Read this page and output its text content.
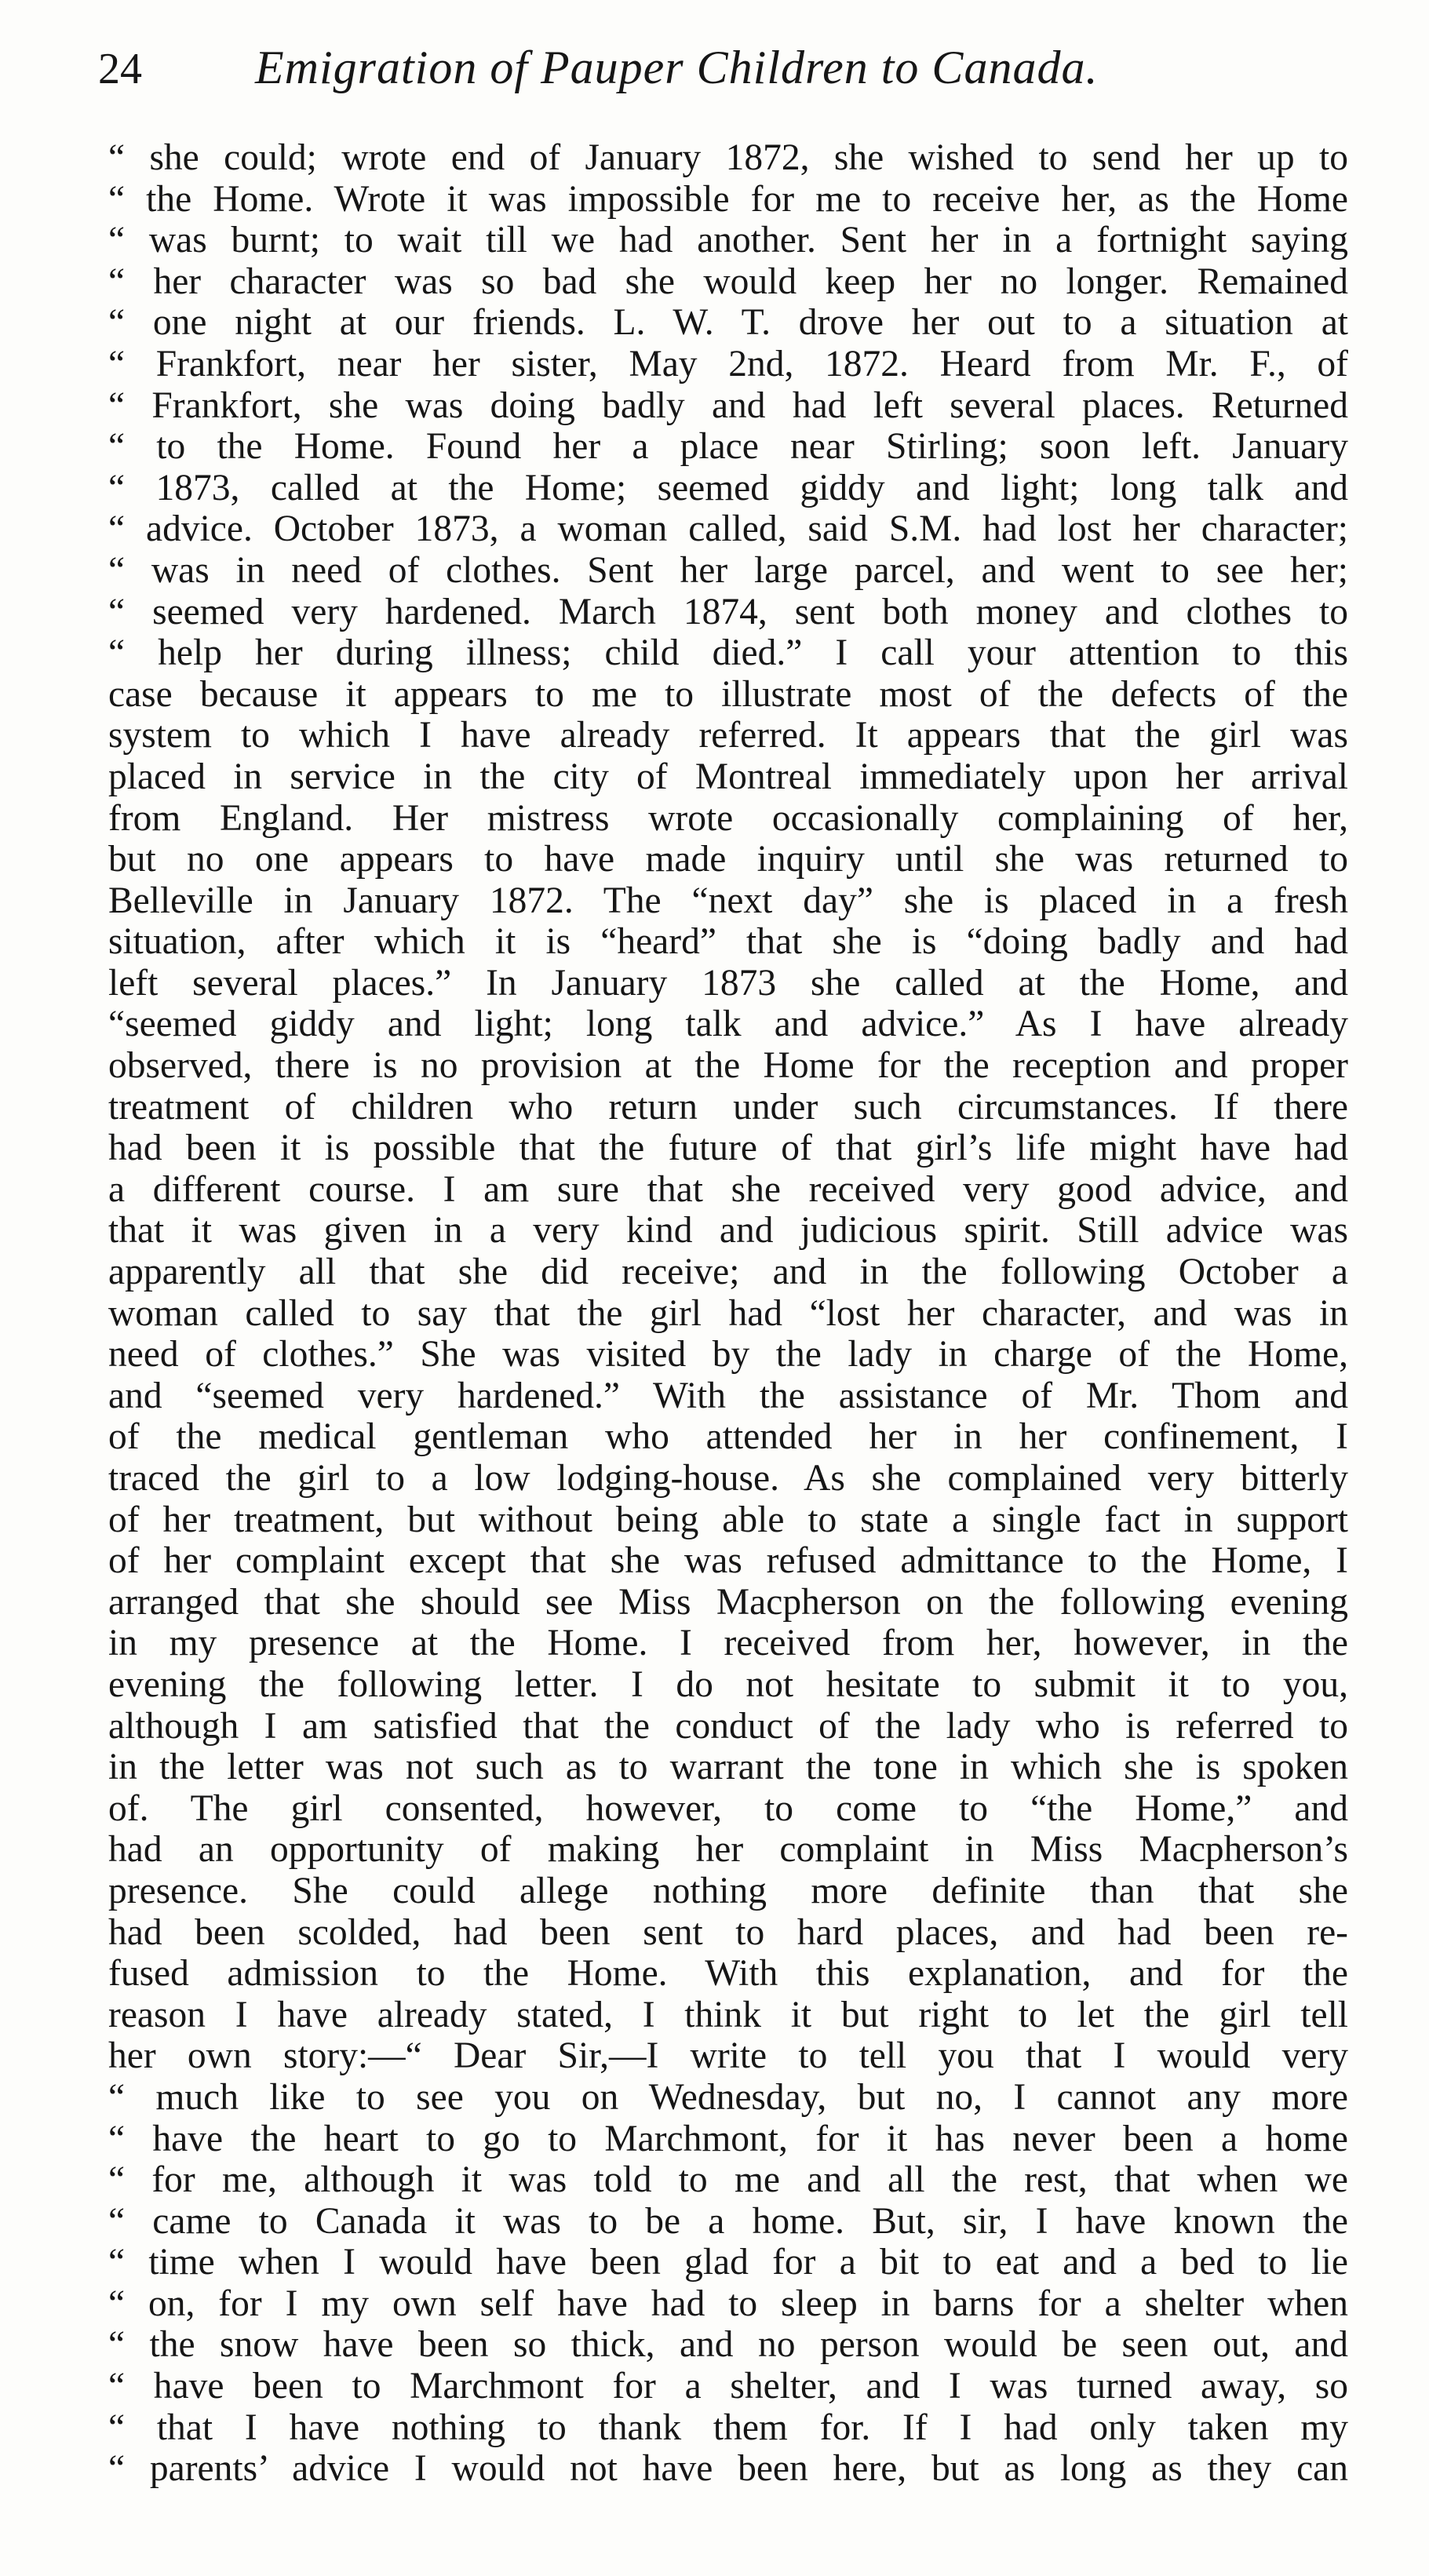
24	Emigration of Pauper Children to Canada.
“ she could; wrote end of January 1872, she wished to send her up to
“ the Home. Wrote it was impossible for me to receive her, as the Home
“ was burnt; to wait till we had another. Sent her in a fortnight saying
“ her character was so bad she would keep her no longer. Remained
“ one night at our friends. L. W. T. drove her out to a situation at
“ Frankfort, near her sister, May 2nd, 1872. Heard from Mr. F., of
“ Frankfort, she was doing badly and had left several places. Returned
“ to the Home. Found her a place near Stirling; soon left. January
“ 1873, called at the Home; seemed giddy and light; long talk and
“ advice. October 1873, a woman called, said S.M. had lost her character;
“ was in need of clothes. Sent her large parcel, and went to see her;
“ seemed very hardened. March 1874, sent both money and clothes to
“ help her during illness; child died.” I call your attention to this
case because it appears to me to illustrate most of the defects of the
system to which I have already referred. It appears that the girl was
placed in service in the city of Montreal immediately upon her arrival
from England. Her mistress wrote occasionally complaining of her,
but no one appears to have made inquiry until she was returned to
Belleville in January 1872. The “next day” she is placed in a fresh
situation, after which it is “heard” that she is “doing badly and had
left several places.” In January 1873 she called at the Home, and
“seemed giddy and light; long talk and advice.” As I have already
observed, there is no provision at the Home for the reception and proper
treatment of children who return under such circumstances. If there
had been it is possible that the future of that girl’s life might have had
a different course. I am sure that she received very good advice, and
that it was given in a very kind and judicious spirit. Still advice was
apparently all that she did receive; and in the following October a
woman called to say that the girl had “lost her character, and was in
need of clothes.” She was visited by the lady in charge of the Home,
and “seemed very hardened.” With the assistance of Mr. Thom and
of the medical gentleman who attended her in her confinement, I
traced the girl to a low lodging-house. As she complained very bitterly
of her treatment, but without being able to state a single fact in support
of her complaint except that she was refused admittance to the Home, I
arranged that she should see Miss Macpherson on the following evening
in my presence at the Home. I received from her, however, in the
evening the following letter. I do not hesitate to submit it to you,
although I am satisfied that the conduct of the lady who is referred to
in the letter was not such as to warrant the tone in which she is spoken
of. The girl consented, however, to come to “the Home,” and
had an opportunity of making her complaint in Miss Macpherson’s
presence. She could allege nothing more definite than that she
had been scolded, had been sent to hard places, and had been re-
fused admission to the Home. With this explanation, and for the
reason I have already stated, I think it but right to let the girl tell
her own story:—“ Dear Sir,—I write to tell you that I would very
“ much like to see you on Wednesday, but no, I cannot any more
“ have the heart to go to Marchmont, for it has never been a home
“ for me, although it was told to me and all the rest, that when we
“ came to Canada it was to be a home. But, sir, I have known the
“ time when I would have been glad for a bit to eat and a bed to lie
“ on, for I my own self have had to sleep in barns for a shelter when
“ the snow have been so thick, and no person would be seen out, and
“ have been to Marchmont for a shelter, and I was turned away, so
“ that I have nothing to thank them for. If I had only taken my
“ parents’ advice I would not have been here, but as long as they can
